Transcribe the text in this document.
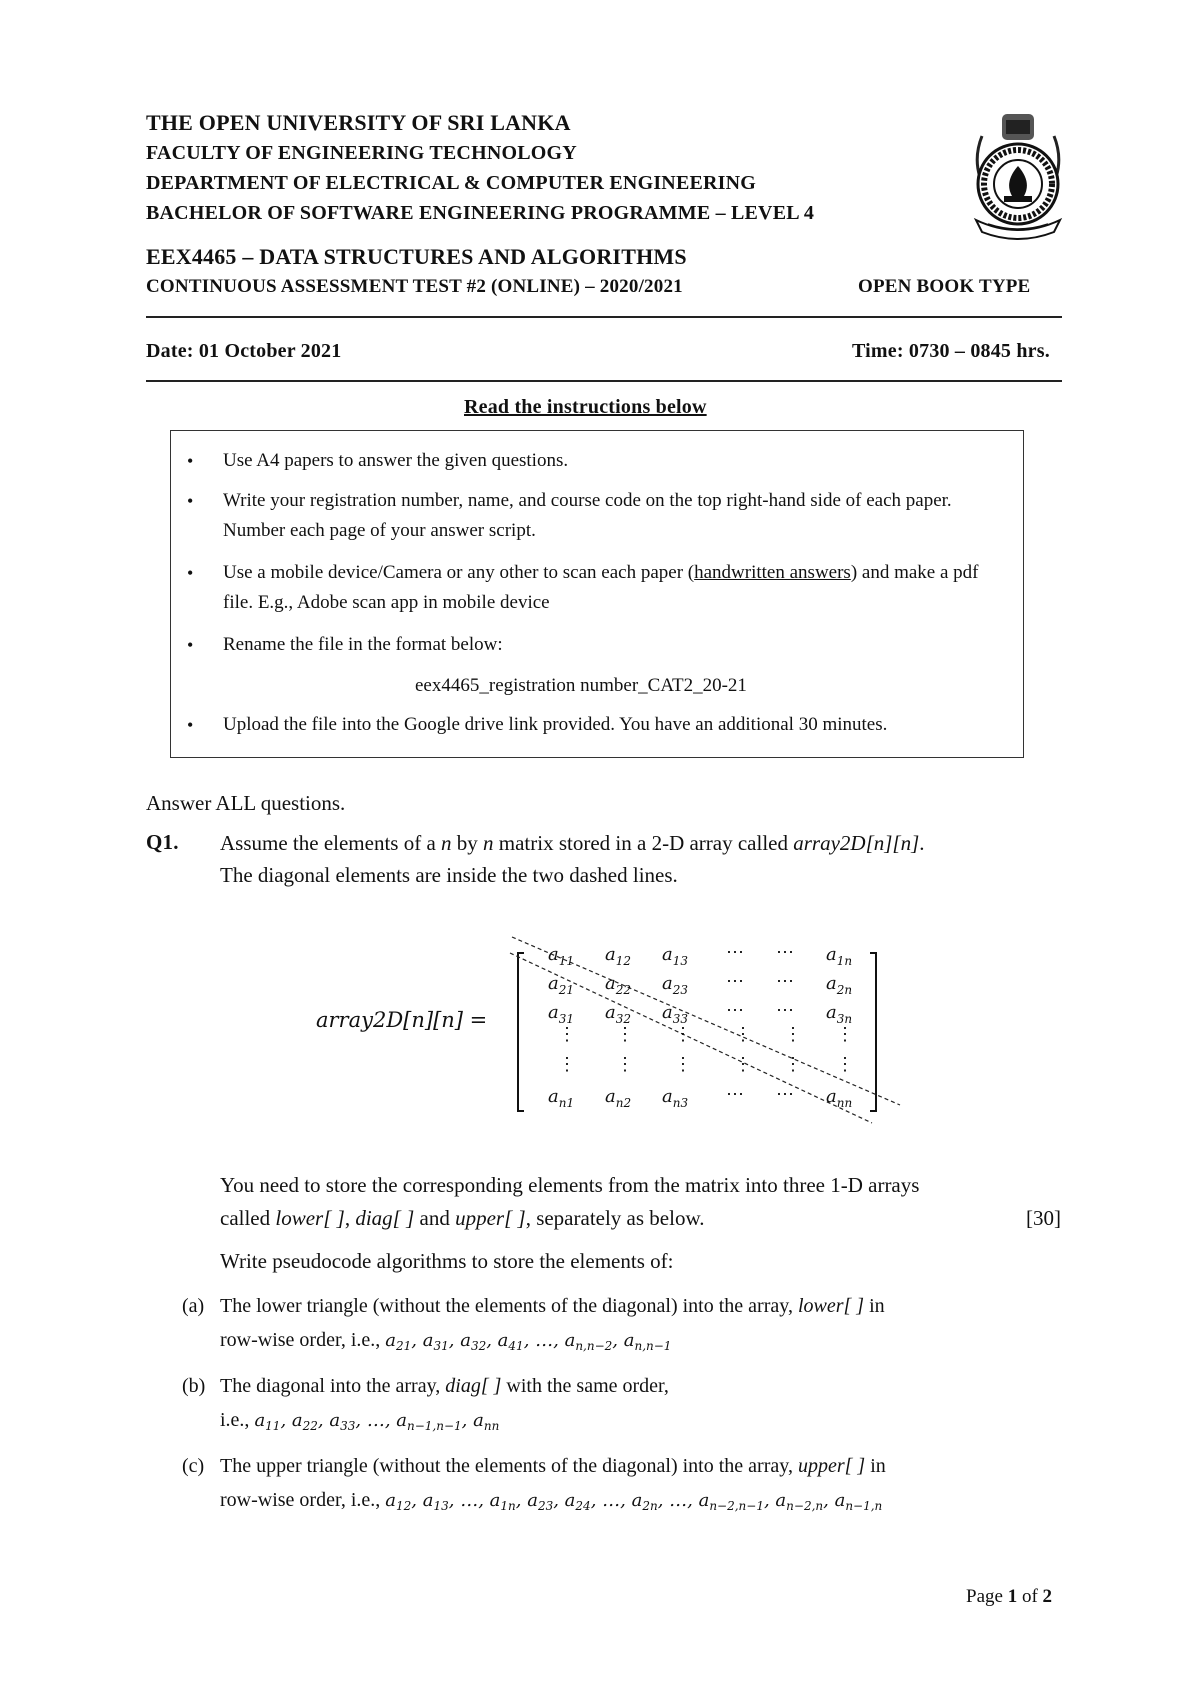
THE OPEN UNIVERSITY OF SRI LANKA
FACULTY OF ENGINEERING TECHNOLOGY
DEPARTMENT OF ELECTRICAL & COMPUTER ENGINEERING
BACHELOR OF SOFTWARE ENGINEERING PROGRAMME – LEVEL 4
EEX4465 – DATA STRUCTURES AND ALGORITHMS
CONTINUOUS ASSESSMENT TEST #2 (ONLINE) – 2020/2021	OPEN BOOK TYPE
Date: 01 October 2021	Time: 0730 – 0845 hrs.
Read the instructions below
• Use A4 papers to answer the given questions.
• Write your registration number, name, and course code on the top right-hand side of each paper. Number each page of your answer script.
• Use a mobile device/Camera or any other to scan each paper (handwritten answers) and make a pdf file. E.g., Adobe scan app in mobile device
• Rename the file in the format below:
eex4465_registration number_CAT2_20-21
• Upload the file into the Google drive link provided. You have an additional 30 minutes.
Answer ALL questions.
Q1. Assume the elements of a n by n matrix stored in a 2-D array called array2D[n][n].
The diagonal elements are inside the two dashed lines.
array2D[n][n] =
$a_{11}$ $a_{12}$ $a_{13}$ ⋯ ⋯ $a_{1n}$
$a_{21}$ $a_{22}$ $a_{23}$ ⋯ ⋯ $a_{2n}$
$a_{31}$ $a_{32}$ $a_{33}$ ⋯ ⋯ $a_{3n}$
⋮ ⋮ ⋮ ⋮ ⋮ ⋮
⋮ ⋮ ⋮ ⋮ ⋮ ⋮
$a_{n1}$ $a_{n2}$ $a_{n3}$ ⋯ ⋯ $a_{nn}$
You need to store the corresponding elements from the matrix into three 1-D arrays
called lower[ ], diag[ ] and upper[ ], separately as below.	[30]
Write pseudocode algorithms to store the elements of:
(a) The lower triangle (without the elements of the diagonal) into the array, lower[ ] in
row-wise order, i.e., $a_{21}$, $a_{31}$, $a_{32}$, $a_{41}$, …, $a_{n,n-2}$, $a_{n,n-1}$
(b) The diagonal into the array, diag[ ] with the same order,
i.e., $a_{11}$, $a_{22}$, $a_{33}$, …, $a_{n-1,n-1}$, $a_{nn}$
(c) The upper triangle (without the elements of the diagonal) into the array, upper[ ] in
row-wise order, i.e., $a_{12}$, $a_{13}$, …, $a_{1n}$, $a_{23}$, $a_{24}$, …, $a_{2n}$, …, $a_{n-2,n-1}$, $a_{n-2,n}$, $a_{n-1,n}$
Page 1 of 2
